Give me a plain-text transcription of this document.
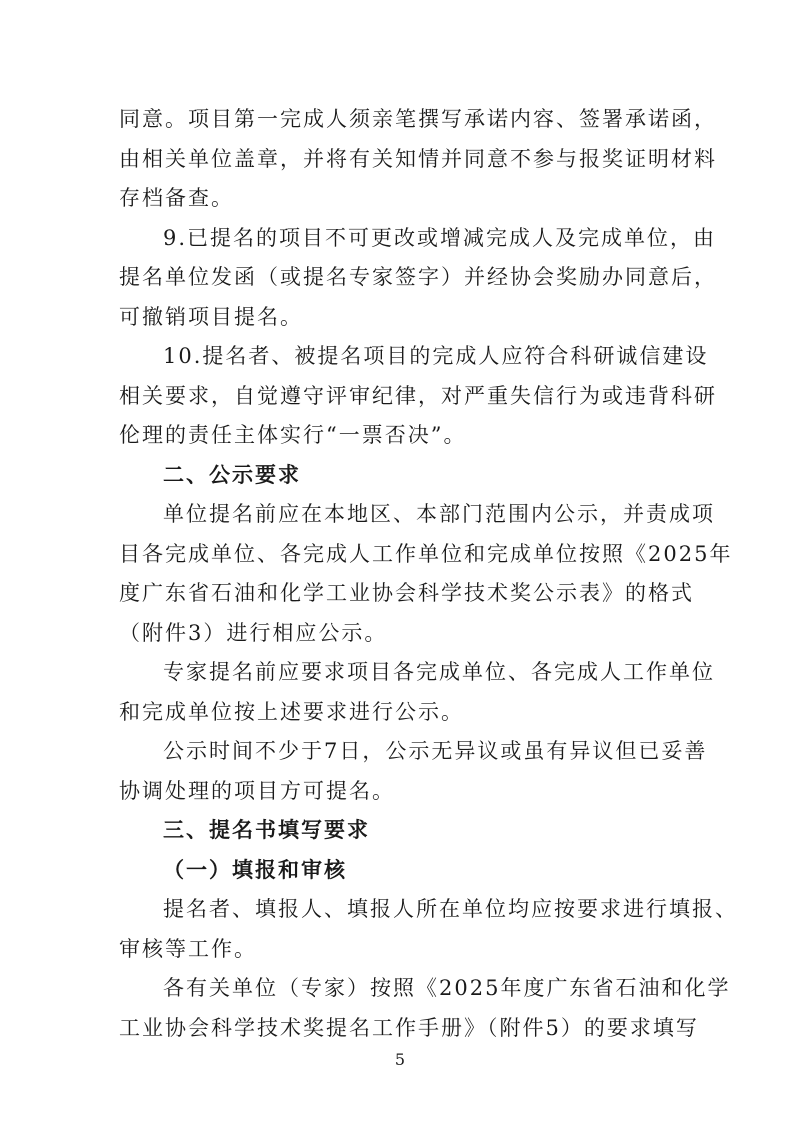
同意。项目第一完成人须亲笔撰写承诺内容、签署承诺函，
由相关单位盖章，并将有关知情并同意不参与报奖证明材料
存档备查。
9.已提名的项目不可更改或增减完成人及完成单位，由
提名单位发函（或提名专家签字）并经协会奖励办同意后，
可撤销项目提名。
10.提名者、被提名项目的完成人应符合科研诚信建设
相关要求，自觉遵守评审纪律，对严重失信行为或违背科研
伦理的责任主体实行“一票否决”。
二、公示要求
单位提名前应在本地区、本部门范围内公示，并责成项
目各完成单位、各完成人工作单位和完成单位按照《2025年
度广东省石油和化学工业协会科学技术奖公示表》的格式
（附件3）进行相应公示。
专家提名前应要求项目各完成单位、各完成人工作单位
和完成单位按上述要求进行公示。
公示时间不少于7日，公示无异议或虽有异议但已妥善
协调处理的项目方可提名。
三、提名书填写要求
（一）填报和审核
提名者、填报人、填报人所在单位均应按要求进行填报、
审核等工作。
各有关单位（专家）按照《2025年度广东省石油和化学
工业协会科学技术奖提名工作手册》（附件5）的要求填写
5
